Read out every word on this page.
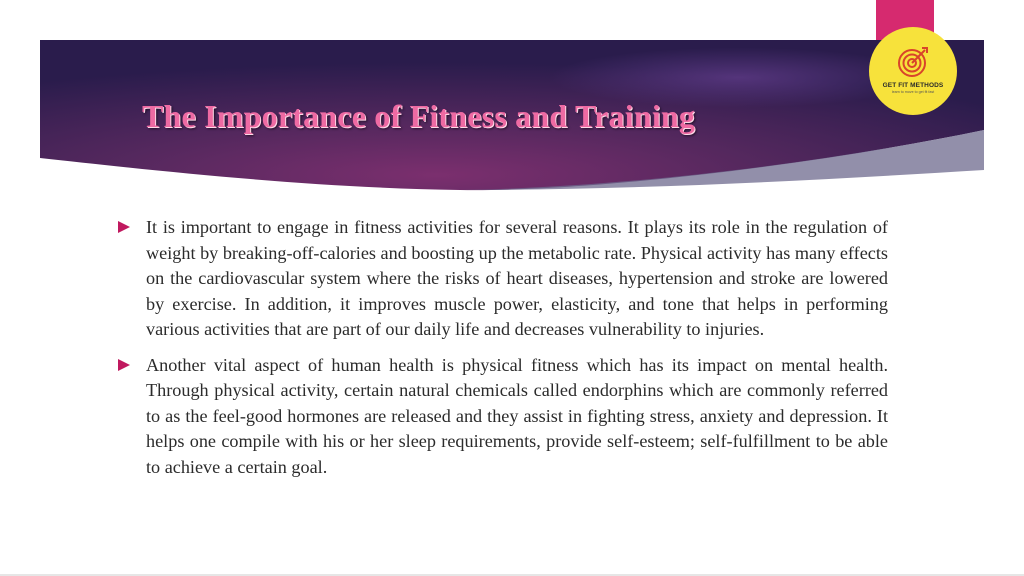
GET FIT METHODS
learn to move to get fit fast
The Importance of Fitness and Training
It is important to engage in fitness activities for several reasons. It plays its role in the regulation of weight by breaking-off-calories and boosting up the metabolic rate. Physical activity has many effects on the cardiovascular system where the risks of heart diseases, hypertension and stroke are lowered by exercise. In addition, it improves muscle power, elasticity, and tone that helps in performing various activities that are part of our daily life and decreases vulnerability to injuries.
Another vital aspect of human health is physical fitness which has its impact on mental health. Through physical activity, certain natural chemicals called endorphins which are commonly referred to as the feel-good hormones are released and they assist in fighting stress, anxiety and depression. It helps one compile with his or her sleep requirements, provide self-esteem; self-fulfillment to be able to achieve a certain goal.
